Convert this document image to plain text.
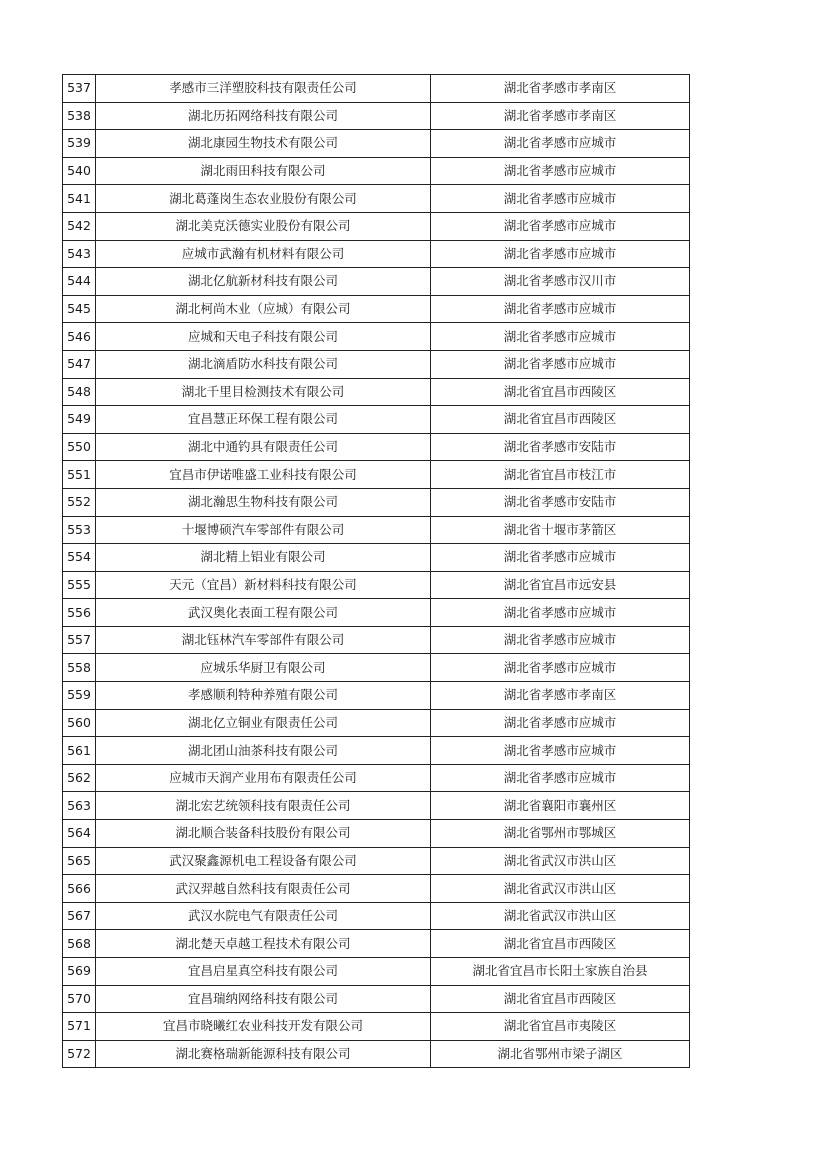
537	孝感市三洋塑胶科技有限责任公司	湖北省孝感市孝南区
538	湖北历拓网络科技有限公司	湖北省孝感市孝南区
539	湖北康园生物技术有限公司	湖北省孝感市应城市
540	湖北雨田科技有限公司	湖北省孝感市应城市
541	湖北葛蓬岗生态农业股份有限公司	湖北省孝感市应城市
542	湖北美克沃德实业股份有限公司	湖北省孝感市应城市
543	应城市武瀚有机材料有限公司	湖北省孝感市应城市
544	湖北亿航新材科技有限公司	湖北省孝感市汉川市
545	湖北柯尚木业（应城）有限公司	湖北省孝感市应城市
546	应城和天电子科技有限公司	湖北省孝感市应城市
547	湖北滴盾防水科技有限公司	湖北省孝感市应城市
548	湖北千里目检测技术有限公司	湖北省宜昌市西陵区
549	宜昌慧正环保工程有限公司	湖北省宜昌市西陵区
550	湖北中通钓具有限责任公司	湖北省孝感市安陆市
551	宜昌市伊诺唯盛工业科技有限公司	湖北省宜昌市枝江市
552	湖北瀚思生物科技有限公司	湖北省孝感市安陆市
553	十堰博硕汽车零部件有限公司	湖北省十堰市茅箭区
554	湖北精上铝业有限公司	湖北省孝感市应城市
555	天元（宜昌）新材料科技有限公司	湖北省宜昌市远安县
556	武汉奥化表面工程有限公司	湖北省孝感市应城市
557	湖北钰林汽车零部件有限公司	湖北省孝感市应城市
558	应城乐华厨卫有限公司	湖北省孝感市应城市
559	孝感顺利特种养殖有限公司	湖北省孝感市孝南区
560	湖北亿立铜业有限责任公司	湖北省孝感市应城市
561	湖北团山油茶科技有限公司	湖北省孝感市应城市
562	应城市天润产业用布有限责任公司	湖北省孝感市应城市
563	湖北宏艺统领科技有限责任公司	湖北省襄阳市襄州区
564	湖北顺合装备科技股份有限公司	湖北省鄂州市鄂城区
565	武汉聚鑫源机电工程设备有限公司	湖北省武汉市洪山区
566	武汉羿越自然科技有限责任公司	湖北省武汉市洪山区
567	武汉水院电气有限责任公司	湖北省武汉市洪山区
568	湖北楚天卓越工程技术有限公司	湖北省宜昌市西陵区
569	宜昌启星真空科技有限公司	湖北省宜昌市长阳土家族自治县
570	宜昌瑞纳网络科技有限公司	湖北省宜昌市西陵区
571	宜昌市晓曦红农业科技开发有限公司	湖北省宜昌市夷陵区
572	湖北赛格瑞新能源科技有限公司	湖北省鄂州市梁子湖区
